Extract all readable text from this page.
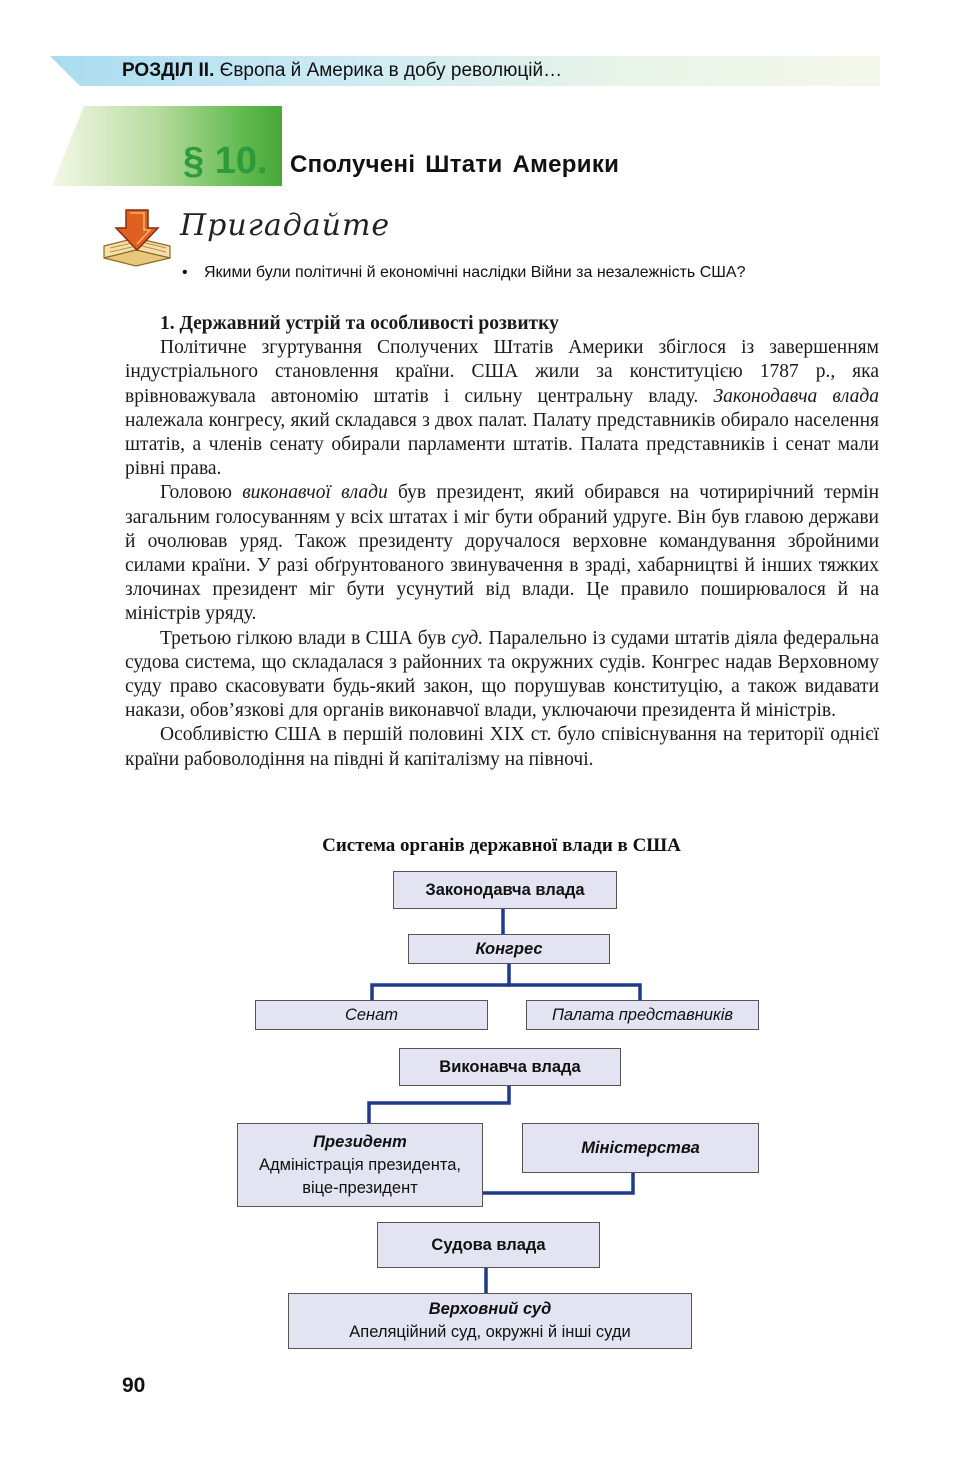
РОЗДІЛ ІІ. Європа й Америка в добу революцій…
§ 10. Сполучені Штати Америки
Пригадайте
• Якими були політичні й економічні наслідки Війни за незалежність США?
1. Державний устрій та особливості розвитку

Політичне згуртування Сполучених Штатів Америки збіглося із завершенням індустріального становлення країни. США жили за конституцією 1787 р., яка врівноважувала автономію штатів і сильну центральну владу. Законодавча влада належала конгресу, який складався з двох палат. Палату представників обирало населення штатів, а членів сенату обирали парламенти штатів. Палата представників і сенат мали рівні права.

Головою виконавчої влади був президент, який обирався на чотирирічний термін загальним голосуванням у всіх штатах і міг бути обраний удруге. Він був главою держави й очолював уряд. Також президенту доручалося верховне командування збройними силами країни. У разі обґрунтованого звинувачення в зраді, хабарництві й інших тяжких злочинах президент міг бути усунутий від влади. Це правило поширювалося й на міністрів уряду.

Третьою гілкою влади в США був суд. Паралельно із судами штатів діяла федеральна судова система, що складалася з районних та окружних судів. Конгрес надав Верховному суду право скасовувати будь-який закон, що порушував конституцію, а також видавати накази, обов’язкові для органів виконавчої влади, уключаючи президента й міністрів.

Особливістю США в першій половині XIX ст. було співіснування на території однієї країни рабоволодіння на півдні й капіталізму на півночі.

Система органів державної влади в США
Законодавча влада
Конгрес
Сенат	Палата представників
Виконавча влада
Президент
Адміністрація президента,
віце-президент
Міністерства
Судова влада
Верховний суд
Апеляційний суд, окружні й інші суди
90
